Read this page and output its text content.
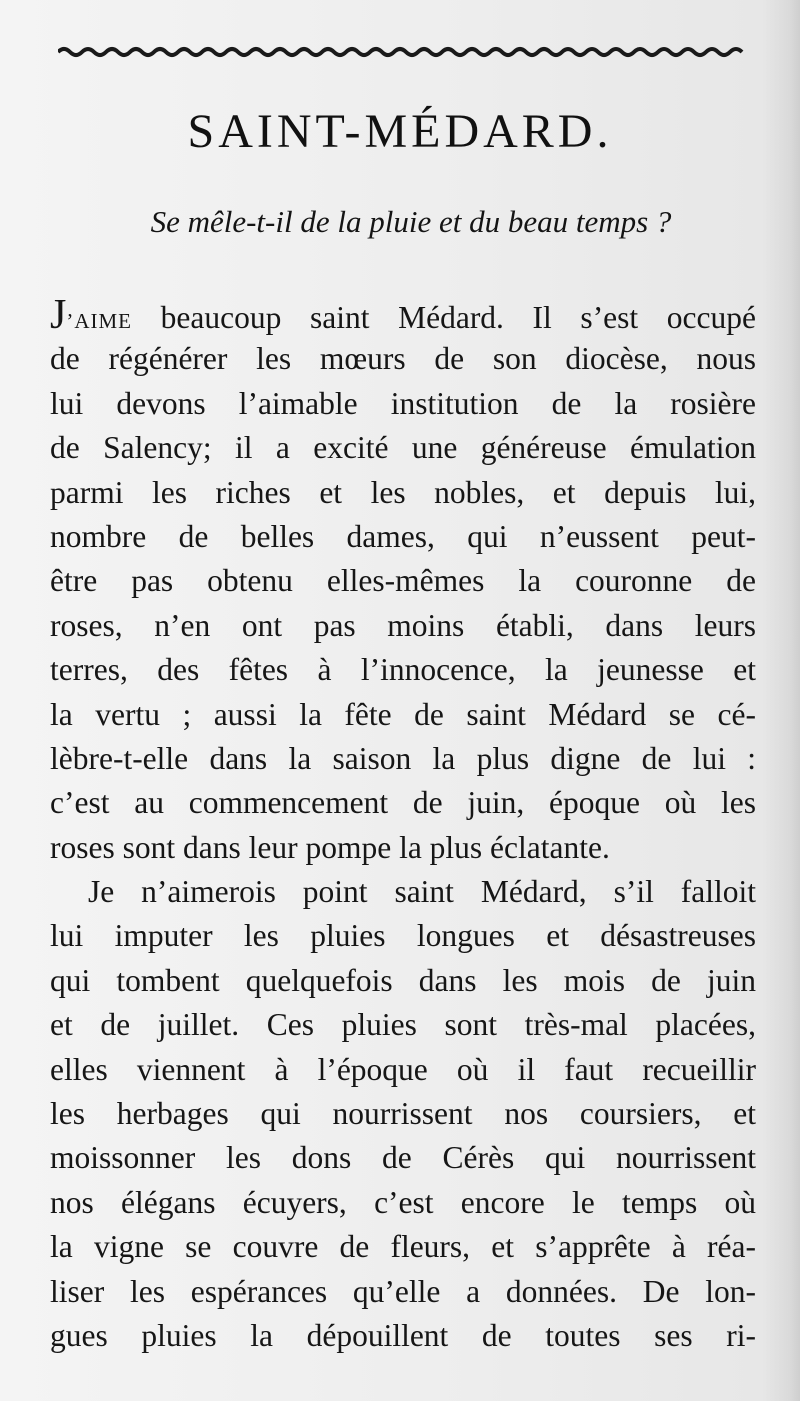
SAINT-MÉDARD.
Se mêle-t-il de la pluie et du beau temps ?
J’AIME beaucoup saint Médard. Il s’est occupé
de régénérer les mœurs de son diocèse, nous
lui devons l’aimable institution de la rosière
de Salency; il a excité une généreuse émulation
parmi les riches et les nobles, et depuis lui,
nombre de belles dames, qui n’eussent peut-
être pas obtenu elles-mêmes la couronne de
roses, n’en ont pas moins établi, dans leurs
terres, des fêtes à l’innocence, la jeunesse et
la vertu ; aussi la fête de saint Médard se cé-
lèbre-t-elle dans la saison la plus digne de lui :
c’est au commencement de juin, époque où les
roses sont dans leur pompe la plus éclatante.
Je n’aimerois point saint Médard, s’il falloit
lui imputer les pluies longues et désastreuses
qui tombent quelquefois dans les mois de juin
et de juillet. Ces pluies sont très-mal placées,
elles viennent à l’époque où il faut recueillir
les herbages qui nourrissent nos coursiers, et
moissonner les dons de Cérès qui nourrissent
nos élégans écuyers, c’est encore le temps où
la vigne se couvre de fleurs, et s’apprête à réa-
liser les espérances qu’elle a données. De lon-
gues pluies la dépouillent de toutes ses ri-
